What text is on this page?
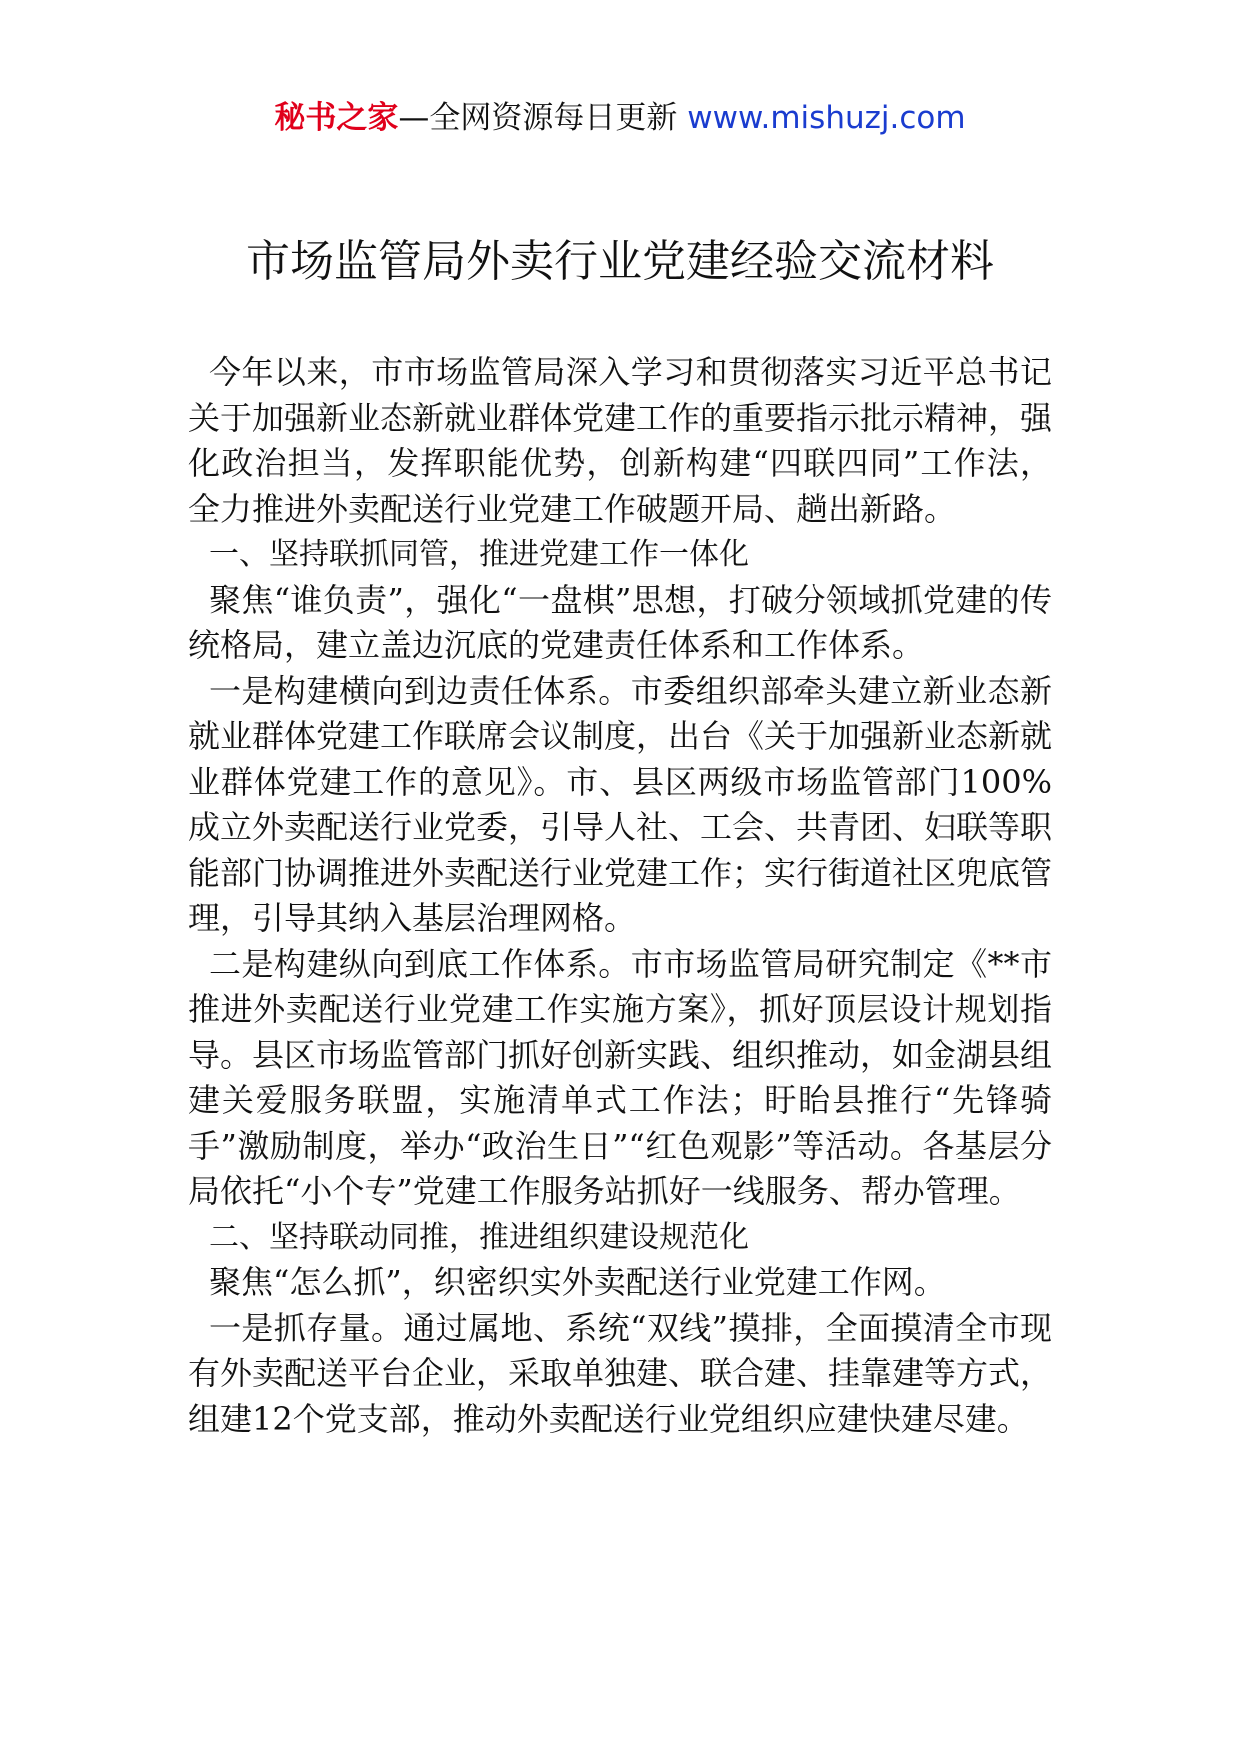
秘书之家—全网资源每日更新 www.mishuzj.com
市场监管局外卖行业党建经验交流材料

今年以来，市市场监管局深入学习和贯彻落实习近平总书记关于加强新业态新就业群体党建工作的重要指示批示精神，强化政治担当，发挥职能优势，创新构建“四联四同”工作法，全力推进外卖配送行业党建工作破题开局、趟出新路。

一、坚持联抓同管，推进党建工作一体化

聚焦“谁负责”，强化“一盘棋”思想，打破分领域抓党建的传统格局，建立盖边沉底的党建责任体系和工作体系。

一是构建横向到边责任体系。市委组织部牵头建立新业态新就业群体党建工作联席会议制度，出台《关于加强新业态新就业群体党建工作的意见》。市、县区两级市场监管部门100%成立外卖配送行业党委，引导人社、工会、共青团、妇联等职能部门协调推进外卖配送行业党建工作；实行街道社区兜底管理，引导其纳入基层治理网格。

二是构建纵向到底工作体系。市市场监管局研究制定《**市推进外卖配送行业党建工作实施方案》，抓好顶层设计规划指导。县区市场监管部门抓好创新实践、组织推动，如金湖县组建关爱服务联盟，实施清单式工作法；盱眙县推行“先锋骑手”激励制度，举办“政治生日”“红色观影”等活动。各基层分局依托“小个专”党建工作服务站抓好一线服务、帮办管理。

二、坚持联动同推，推进组织建设规范化

聚焦“怎么抓”，织密织实外卖配送行业党建工作网。

一是抓存量。通过属地、系统“双线”摸排，全面摸清全市现有外卖配送平台企业，采取单独建、联合建、挂靠建等方式，组建12个党支部，推动外卖配送行业党组织应建快建尽建。
